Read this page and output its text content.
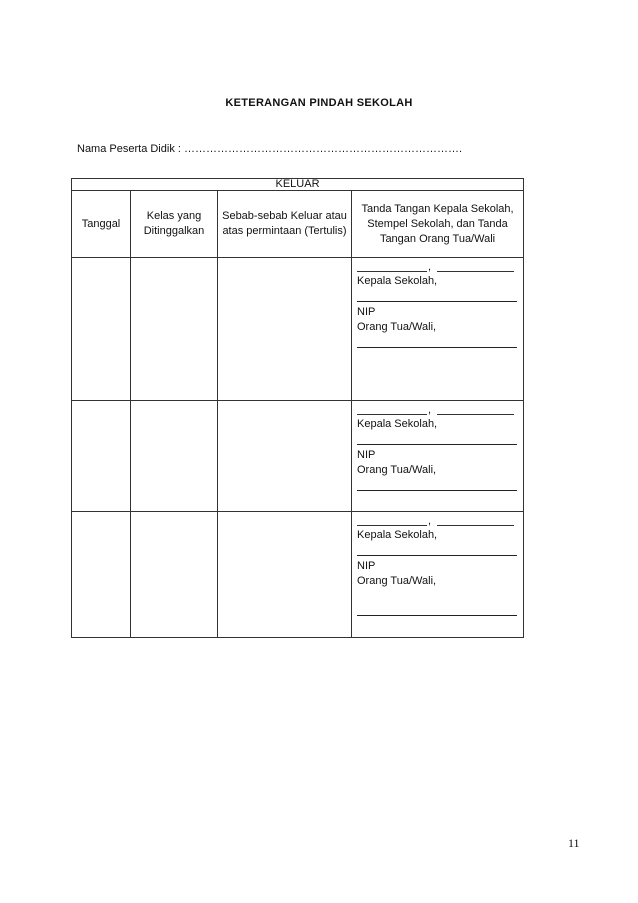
KETERANGAN PINDAH SEKOLAH
Nama Peserta Didik : ………………………………………………………………….
KELUAR			
Tanggal	Kelas yang Ditinggalkan	Sebab-sebab Keluar atau atas permintaan (Tertulis)	Tanda Tangan Kepala Sekolah, Stempel Sekolah, dan Tanda Tangan Orang Tua/Wali

			,
Kepala Sekolah,
NIP
Orang Tua/Wali,

			,
Kepala Sekolah,
NIP
Orang Tua/Wali,

			,
Kepala Sekolah,
NIP
Orang Tua/Wali,
11
